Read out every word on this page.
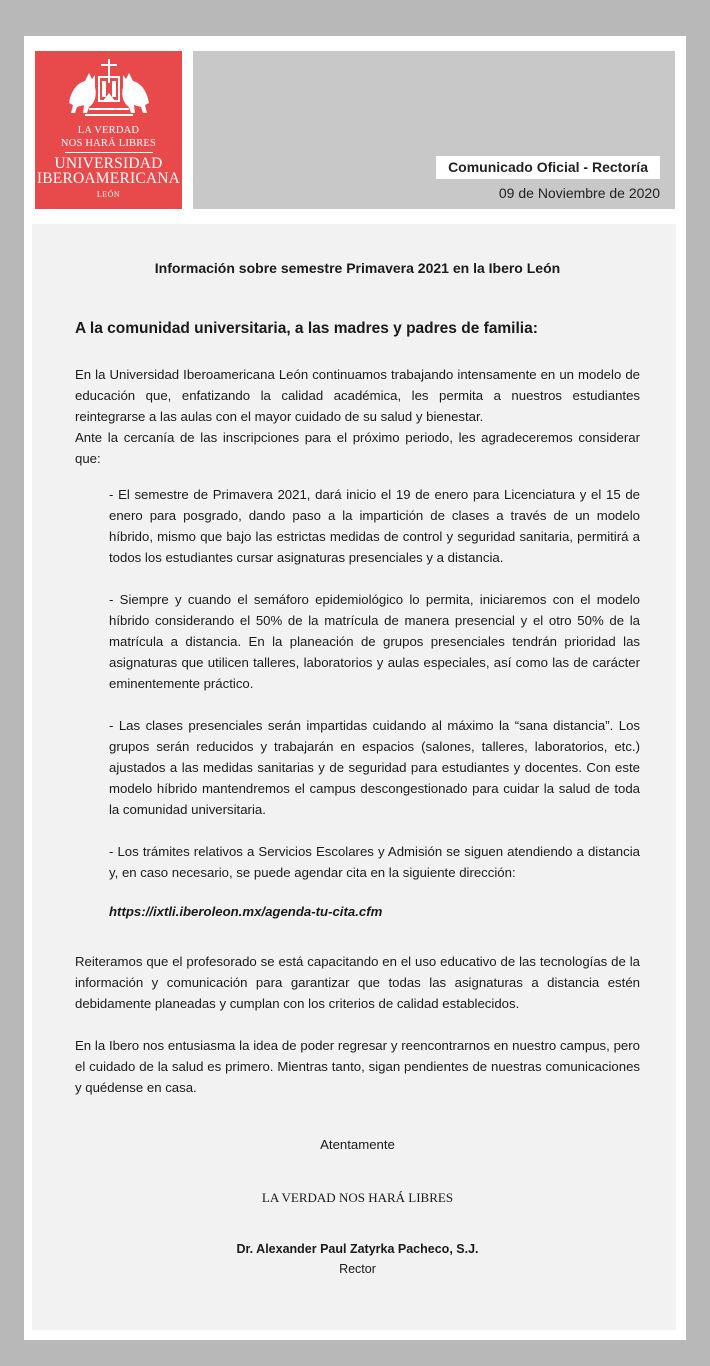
LA VERDAD
NOS HARÁ LIBRES
UNIVERSIDAD
IBEROAMERICANA
LEÓN
Comunicado Oficial - Rectoría
09 de Noviembre de 2020
Información sobre semestre Primavera 2021 en la Ibero León
A la comunidad universitaria, a las madres y padres de familia:

En la Universidad Iberoamericana León continuamos trabajando intensamente en un modelo de educación que, enfatizando la calidad académica, les permita a nuestros estudiantes reintegrarse a las aulas con el mayor cuidado de su salud y bienestar.

Ante la cercanía de las inscripciones para el próximo periodo, les agradeceremos considerar que:

- El semestre de Primavera 2021, dará inicio el 19 de enero para Licenciatura y el 15 de enero para posgrado, dando paso a la impartición de clases a través de un modelo híbrido, mismo que bajo las estrictas medidas de control y seguridad sanitaria, permitirá a todos los estudiantes cursar asignaturas presenciales y a distancia.

- Siempre y cuando el semáforo epidemiológico lo permita, iniciaremos con el modelo híbrido considerando el 50% de la matrícula de manera presencial y el otro 50% de la matrícula a distancia. En la planeación de grupos presenciales tendrán prioridad las asignaturas que utilicen talleres, laboratorios y aulas especiales, así como las de carácter eminentemente práctico.

- Las clases presenciales serán impartidas cuidando al máximo la “sana distancia”. Los grupos serán reducidos y trabajarán en espacios (salones, talleres, laboratorios, etc.) ajustados a las medidas sanitarias y de seguridad para estudiantes y docentes. Con este modelo híbrido mantendremos el campus descongestionado para cuidar la salud de toda la comunidad universitaria.

- Los trámites relativos a Servicios Escolares y Admisión se siguen atendiendo a distancia y, en caso necesario, se puede agendar cita en la siguiente dirección:

https://ixtli.iberoleon.mx/agenda-tu-cita.cfm

Reiteramos que el profesorado se está capacitando en el uso educativo de las tecnologías de la información y comunicación para garantizar que todas las asignaturas a distancia estén debidamente planeadas y cumplan con los criterios de calidad establecidos.

En la Ibero nos entusiasma la idea de poder regresar y reencontrarnos en nuestro campus, pero el cuidado de la salud es primero. Mientras tanto, sigan pendientes de nuestras comunicaciones y quédense en casa.

Atentamente
LA VERDAD NOS HARÁ LIBRES
Dr. Alexander Paul Zatyrka Pacheco, S.J.
Rector
